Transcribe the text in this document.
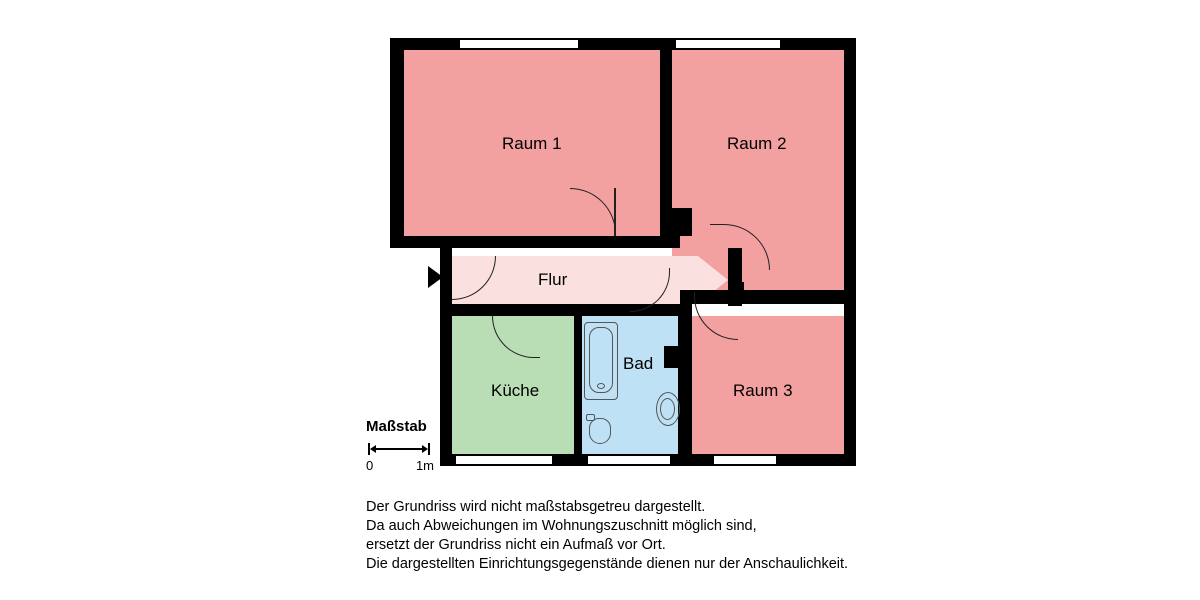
Raum 1	Raum 2
Flur
Küche
Bad
Raum 3
Maßstab
0	1m
Der Grundriss wird nicht maßstabsgetreu dargestellt.
Da auch Abweichungen im Wohnungszuschnitt möglich sind,
ersetzt der Grundriss nicht ein Aufmaß vor Ort.
Die dargestellten Einrichtungsgegenstände dienen nur der Anschaulichkeit.
